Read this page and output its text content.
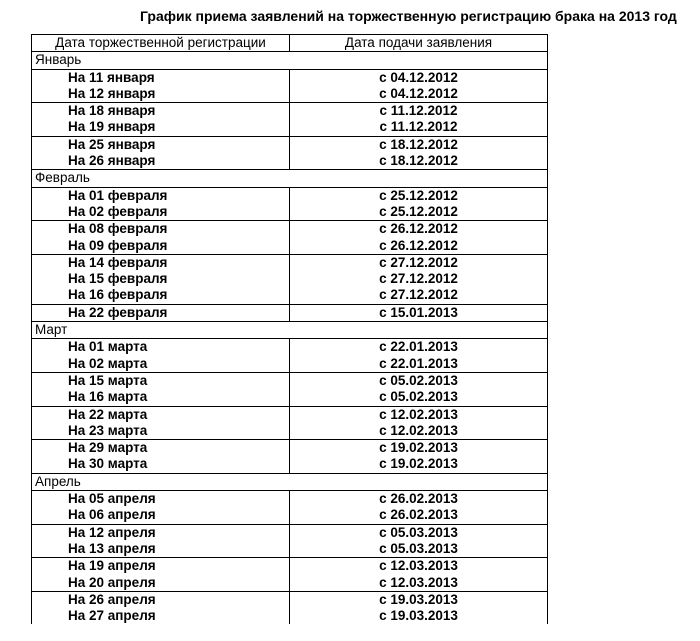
График приема заявлений на торжественную регистрацию брака на 2013 год
Дата торжественной регистрации	Дата подачи заявления
Январь	
На 11 января	с 04.12.2012
На 12 января	с 04.12.2012
На 18 января	с 11.12.2012
На 19 января	с 11.12.2012
На 25 января	с 18.12.2012
На 26 января	с 18.12.2012
Февраль	
На 01 февраля	с 25.12.2012
На 02 февраля	с 25.12.2012
На 08 февраля	с 26.12.2012
На 09 февраля	с 26.12.2012
На 14 февраля	с 27.12.2012
На 15 февраля	с 27.12.2012
На 16 февраля	с 27.12.2012
На 22 февраля	с 15.01.2013
Март	
На 01 марта	с 22.01.2013
На 02 марта	с 22.01.2013
На 15 марта	с 05.02.2013
На 16 марта	с 05.02.2013
На 22 марта	с 12.02.2013
На 23 марта	с 12.02.2013
На 29 марта	с 19.02.2013
На 30 марта	с 19.02.2013
Апрель	
На 05 апреля	с 26.02.2013
На 06 апреля	с 26.02.2013
На 12 апреля	с 05.03.2013
На 13 апреля	с 05.03.2013
На 19 апреля	с 12.03.2013
На 20 апреля	с 12.03.2013
На 26 апреля	с 19.03.2013
На 27 апреля	с 19.03.2013
